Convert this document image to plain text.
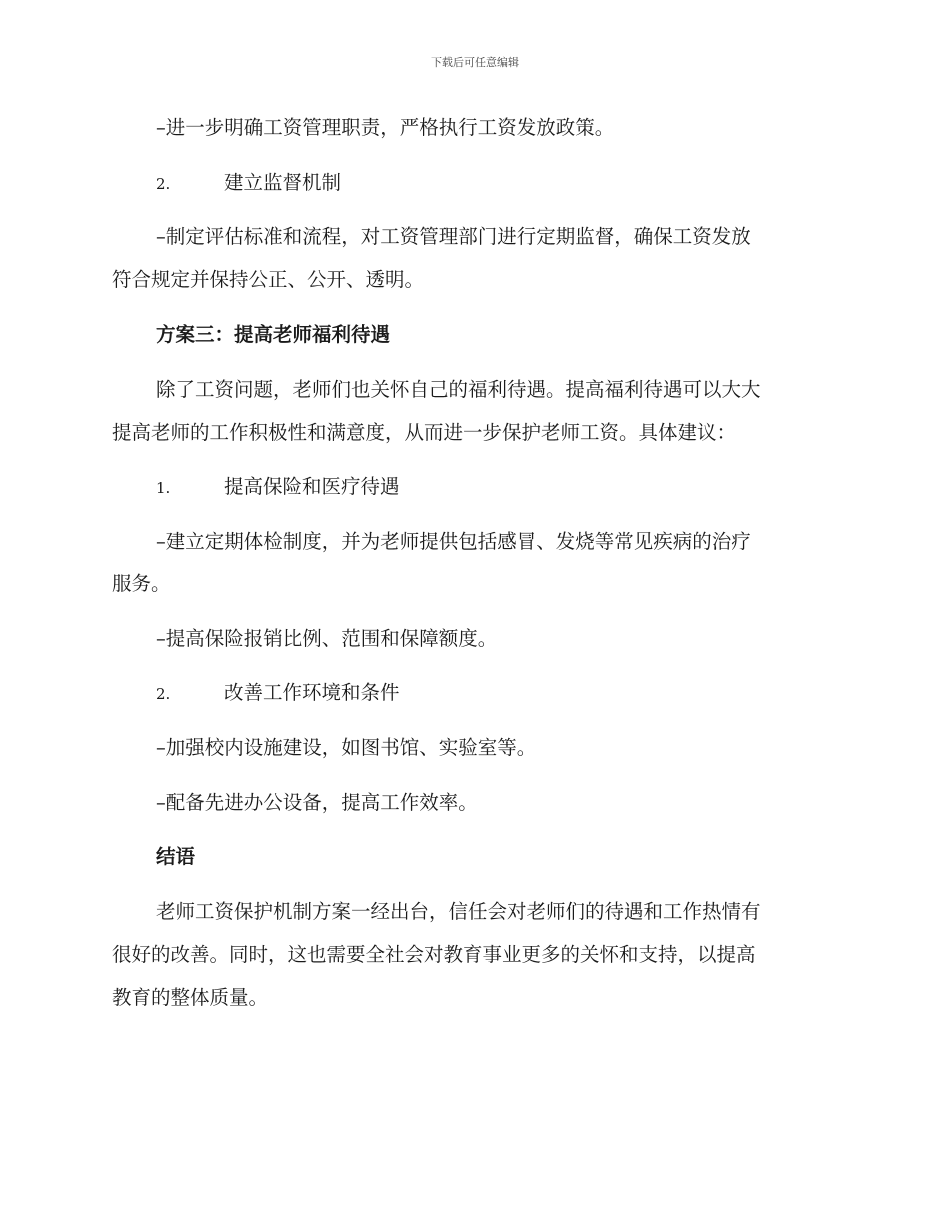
下载后可任意编辑
–进一步明确工资管理职责，严格执行工资发放政策。
2.	建立监督机制
–制定评估标准和流程，对工资管理部门进行定期监督，确保工资发放
符合规定并保持公正、公开、透明。
方案三：提高老师福利待遇
除了工资问题，老师们也关怀自己的福利待遇。提高福利待遇可以大大
提高老师的工作积极性和满意度，从而进一步保护老师工资。具体建议：
1.	提高保险和医疗待遇
–建立定期体检制度，并为老师提供包括感冒、发烧等常见疾病的治疗
服务。
–提高保险报销比例、范围和保障额度。
2.	改善工作环境和条件
–加强校内设施建设，如图书馆、实验室等。
–配备先进办公设备，提高工作效率。
结语
老师工资保护机制方案一经出台，信任会对老师们的待遇和工作热情有
很好的改善。同时，这也需要全社会对教育事业更多的关怀和支持，以提高
教育的整体质量。
